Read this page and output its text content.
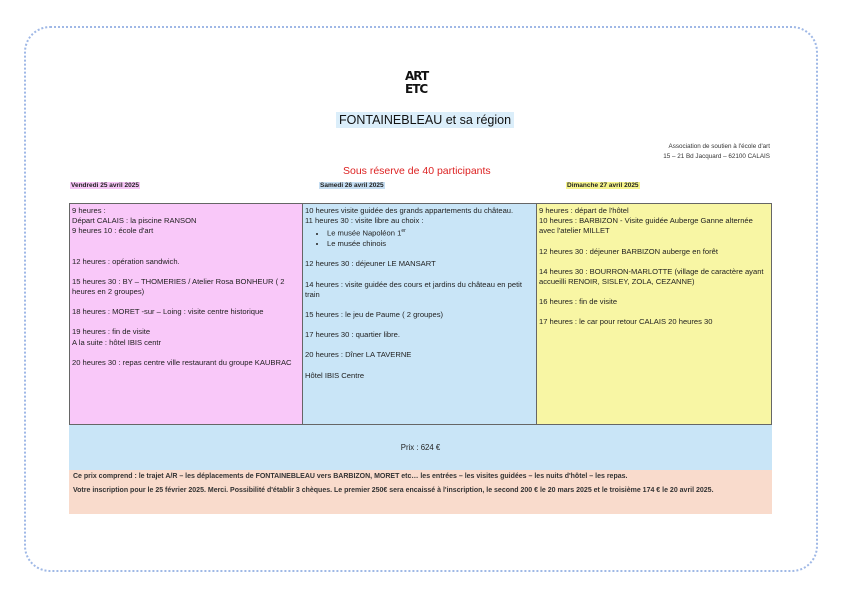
ART
ETC
FONTAINEBLEAU et sa région
Association de soutien à l'école d'art
15 – 21 Bd Jacquard – 62100 CALAIS
Sous réserve de 40 participants
Vendredi 25 avril 2025	Samedi 26 avril 2025	Dimanche 27 avril 2025

9 heures :

Départ CALAIS : la piscine RANSON

9 heures 10 : école d'art

12 heures : opération sandwich.

15 heures 30 : BY – THOMERIES / Atelier Rosa BONHEUR ( 2 heures en 2 groupes)

18 heures : MORET -sur – Loing : visite centre historique

19 heures : fin de visite

A la suite : hôtel IBIS centr

20 heures 30 : repas centre ville restaurant du groupe KAUBRAC

10 heures visite guidée des grands appartements du château.

11 heures 30 : visite libre au choix :

• Le musée Napoléon 1er
• Le musée chinois

12 heures 30 : déjeuner LE MANSART

14 heures : visite guidée des cours et jardins du château en petit train

15 heures : le jeu de Paume ( 2 groupes)

17 heures 30 : quartier libre.

20 heures : Dîner LA TAVERNE

Hôtel IBIS Centre

9 heures : départ de l'hôtel

10 heures : BARBIZON - Visite guidée Auberge Ganne alternée avec l'atelier MILLET

12 heures 30 : déjeuner BARBIZON auberge en forêt

14 heures 30 : BOURRON-MARLOTTE (village de caractère ayant accueilli RENOIR, SISLEY, ZOLA, CEZANNE)

16 heures : fin de visite

17 heures : le car pour retour CALAIS 20 heures 30

Prix : 624 €

Ce prix comprend : le trajet A/R – les déplacements de FONTAINEBLEAU vers BARBIZON, MORET etc… les entrées – les visites guidées – les nuits d'hôtel – les repas.

Votre inscription pour le 25 février 2025. Merci. Possibilité d'établir 3 chèques. Le premier 250€ sera encaissé à l'inscription, le second 200 € le 20 mars 2025 et le troisième 174 € le 20 avril 2025.
